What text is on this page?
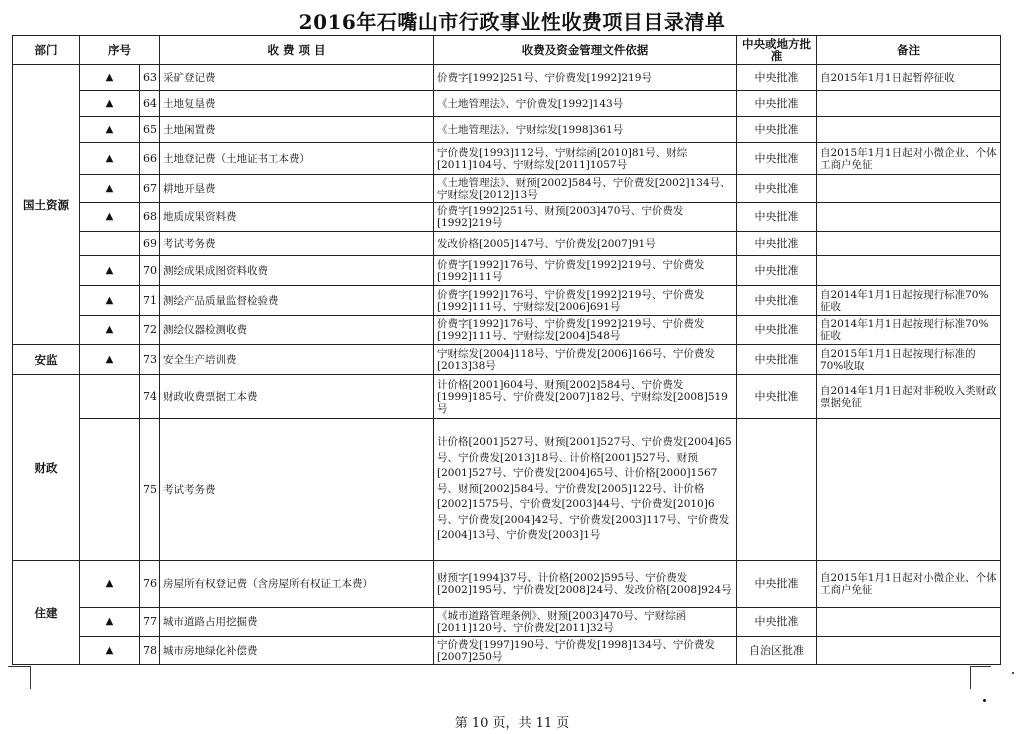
2016年石嘴山市行政事业性收费项目目录清单
部门	序号		收 费 项 目	收费及资金管理文件依据	中央或地方批准	备注
国土资源	▲	63	采矿登记费	价费字[1992]251号、宁价费发[1992]219号	中央批准	自2015年1月1日起暂停征收
	▲	64	土地复垦费	《土地管理法》、宁价费发[1992]143号	中央批准	
	▲	65	土地闲置费	《土地管理法》、宁财综发[1998]361号	中央批准	
	▲	66	土地登记费（土地证书工本费）	宁价费发[1993]112号、宁财综函[2010]81号、财综[2011]104号、宁财综发[2011]1057号	中央批准	自2015年1月1日起对小微企业、个体工商户免征
	▲	67	耕地开垦费	《土地管理法》、财预[2002]584号、宁价费发[2002]134号、宁财综发[2012]13号	中央批准	
	▲	68	地质成果资料费	价费字[1992]251号、财预[2003]470号、宁价费发[1992]219号	中央批准	
		69	考试考务费	发改价格[2005]147号、宁价费发[2007]91号	中央批准	
	▲	70	测绘成果成图资料收费	价费字[1992]176号、宁价费发[1992]219号、宁价费发[1992]111号	中央批准	
	▲	71	测绘产品质量监督检验费	价费字[1992]176号、宁价费发[1992]219号、宁价费发[1992]111号、宁财综发[2006]691号	中央批准	自2014年1月1日起按现行标准70%征收
	▲	72	测绘仪器检测收费	价费字[1992]176号、宁价费发[1992]219号、宁价费发[1992]111号、宁财综发[2004]548号	中央批准	自2014年1月1日起按现行标准70%征收
安监	▲	73	安全生产培训费	宁财综发[2004]118号、宁价费发[2006]166号、宁价费发[2013]38号	中央批准	自2015年1月1日起按现行标准的70%收取
财政		74	财政收费票据工本费	计价格[2001]604号、财预[2002]584号、宁价费发[1999]185号、宁价费发[2007]182号、宁财综发[2008]519号	中央批准	自2014年1月1日起对非税收入类财政票据免征
		75	考试考务费	计价格[2001]527号、财预[2001]527号、宁价费发[2004]65号、宁价费发[2013]18号、计价格[2001]527号、财预[2001]527号、宁价费发[2004]65号、计价格[2000]1567号、财预[2002]584号、宁价费发[2005]122号、计价格[2002]1575号、宁价费发[2003]44号、宁价费发[2010]6号、宁价费发[2004]42号、宁价费发[2003]117号、宁价费发[2004]13号、宁价费发[2003]1号		
住建	▲	76	房屋所有权登记费（含房屋所有权证工本费）	财预字[1994]37号、计价格[2002]595号、宁价费发[2002]195号、宁价费发[2008]24号、发改价格[2008]924号	中央批准	自2015年1月1日起对小微企业、个体工商户免征
	▲	77	城市道路占用挖掘费	《城市道路管理条例》、财预[2003]470号、宁财综函[2011]120号、宁价费发[2011]32号	中央批准	
	▲	78	城市房地绿化补偿费	宁价费发[1997]190号、宁价费发[1998]134号、宁价费发[2007]250号	自治区批准	
第 10 页，共 11 页
